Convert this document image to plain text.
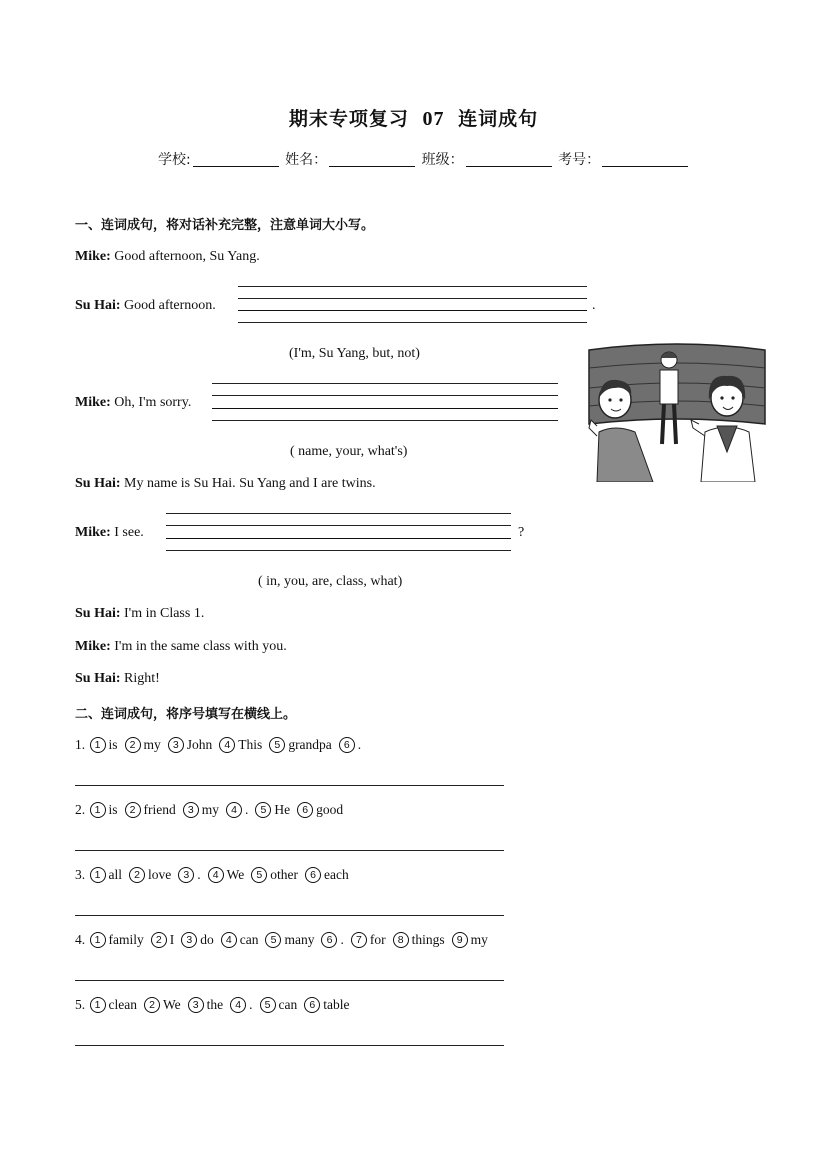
期末专项复习 07 连词成句
学校:	姓名：	班级：	考号：
一、连词成句，将对话补充完整，注意单词大小写。
Mike: Good afternoon, Su Yang.
Su Hai: Good afternoon.	.
(I'm, Su Yang, but, not)
Mike: Oh, I'm sorry.
( name, your, what's)
Su Hai: My name is Su Hai. Su Yang and I are twins.
Mike: I see.	?
( in, you, are, class, what)
Su Hai: I'm in Class 1.
Mike: I'm in the same class with you.
Su Hai: Right!
二、连词成句，将序号填写在横线上。
1. 1 is 2 my 3 John 4 This 5 grandpa 6 .
2. 1 is 2 friend 3 my 4 . 5 He 6 good
3. 1 all 2 love 3 . 4 We 5 other 6 each
4. 1 family 2 I 3 do 4 can 5 many 6 . 7 for 8 things 9 my
5. 1 clean 2 We 3 the 4 . 5 can 6 table
